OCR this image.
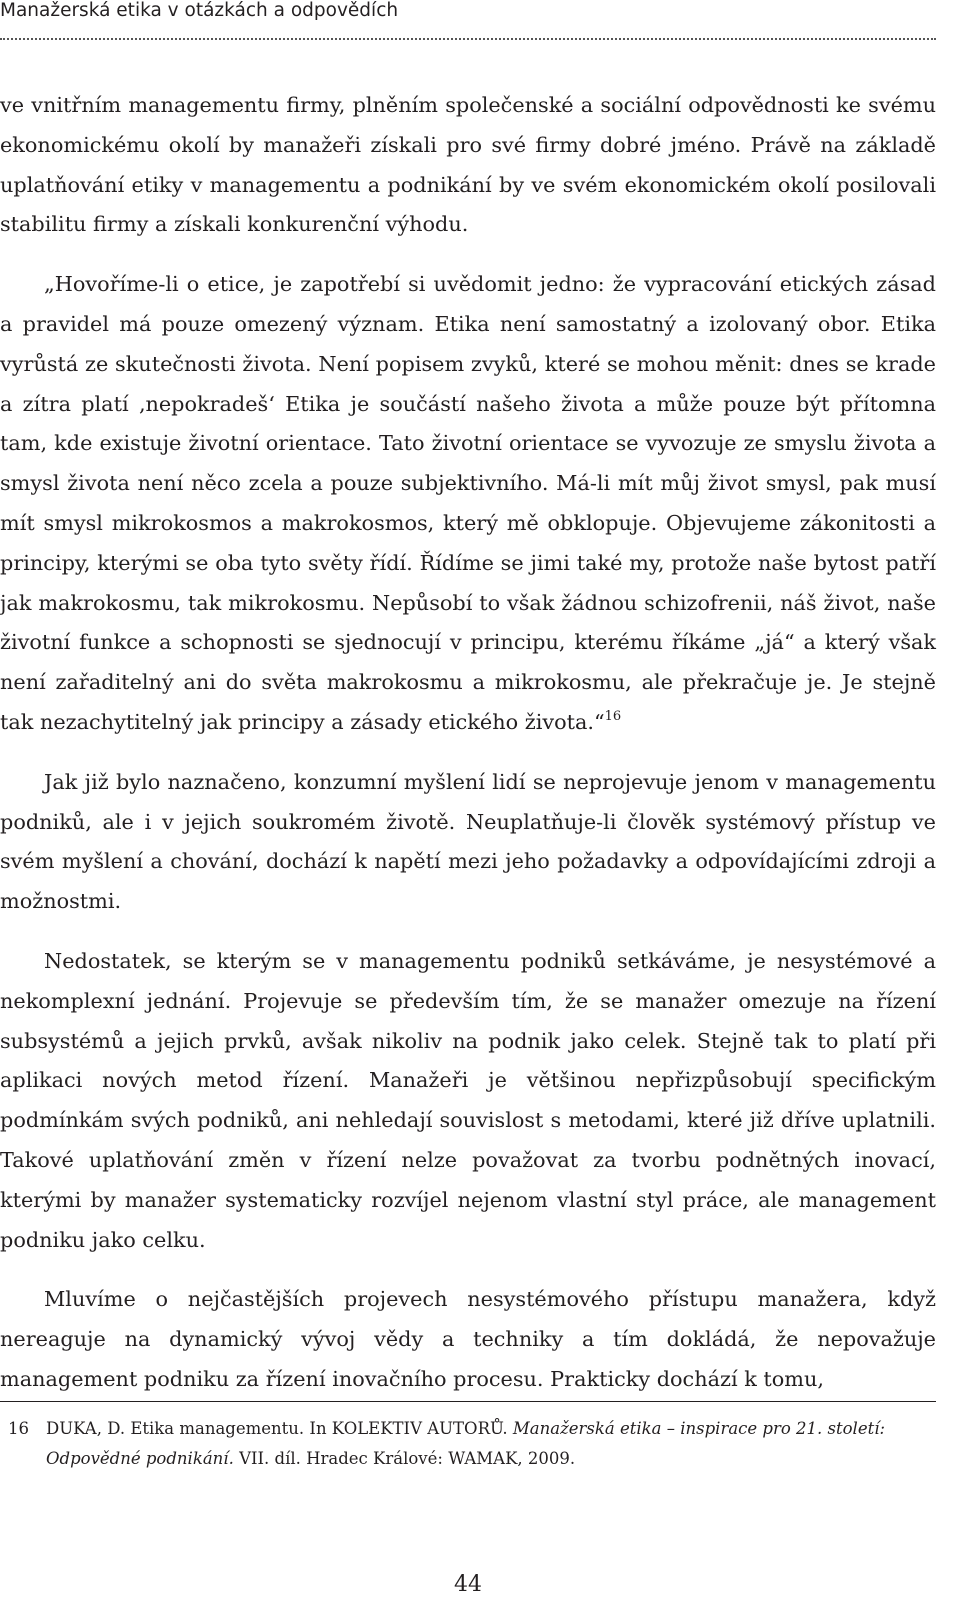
Manažerská etika v otázkách a odpovědích

ve vnitřním managementu firmy, plněním společenské a sociální odpovědnosti ke svému ekonomickému okolí by manažeři získali pro své firmy dobré jméno. Právě na základě uplatňování etiky v managementu a podnikání by ve svém ekonomickém okolí posilovali stabilitu firmy a získali konkurenční výhodu.

„Hovoříme-li o etice, je zapotřebí si uvědomit jedno: že vypracování etických zásad a pravidel má pouze omezený význam. Etika není samostatný a izolovaný obor. Etika vyrůstá ze skutečnosti života. Není popisem zvyků, které se mohou měnit: dnes se krade a zítra platí ‚nepokradeš‘ Etika je součástí našeho života a může pouze být přítomna tam, kde existuje životní orientace. Tato životní orientace se vyvozuje ze smyslu života a smysl života není něco zcela a pouze subjektivního. Má-li mít můj život smysl, pak musí mít smysl mikrokosmos a makrokosmos, který mě obklopuje. Objevujeme zákonitosti a principy, kterými se oba tyto světy řídí. Řídíme se jimi také my, protože naše bytost patří jak makrokosmu, tak mikrokosmu. Nepůsobí to však žádnou schizofrenii, náš život, naše životní funkce a schopnosti se sjednocují v principu, kterému říkáme „já“ a který však není zařaditelný ani do světa makrokosmu a mikrokosmu, ale překračuje je. Je stejně tak nezachytitelný jak principy a zásady etického života.“$^{16}$

Jak již bylo naznačeno, konzumní myšlení lidí se neprojevuje jenom v managementu podniků, ale i v jejich soukromém životě. Neuplatňuje-li člověk systémový přístup ve svém myšlení a chování, dochází k napětí mezi jeho požadavky a odpovídajícími zdroji a možnostmi.

Nedostatek, se kterým se v managementu podniků setkáváme, je nesystémové a nekomplexní jednání. Projevuje se především tím, že se manažer omezuje na řízení subsystémů a jejich prvků, avšak nikoliv na podnik jako celek. Stejně tak to platí při aplikaci nových metod řízení. Manažeři je většinou nepřizpůsobují specifickým podmínkám svých podniků, ani nehledají souvislost s metodami, které již dříve uplatnili. Takové uplatňování změn v řízení nelze považovat za tvorbu podnětných inovací, kterými by manažer systematicky rozvíjel nejenom vlastní styl práce, ale management podniku jako celku.

Mluvíme o nejčastějších projevech nesystémového přístupu manažera, když nereaguje na dynamický vývoj vědy a techniky a tím dokládá, že nepovažuje management podniku za řízení inovačního procesu. Prakticky dochází k tomu,

16 DUKA, D. Etika managementu. In KOLEKTIV AUTORŮ. Manažerská etika – inspirace pro 21. století: Odpovědné podnikání. VII. díl. Hradec Králové: WAMAK, 2009.
44
